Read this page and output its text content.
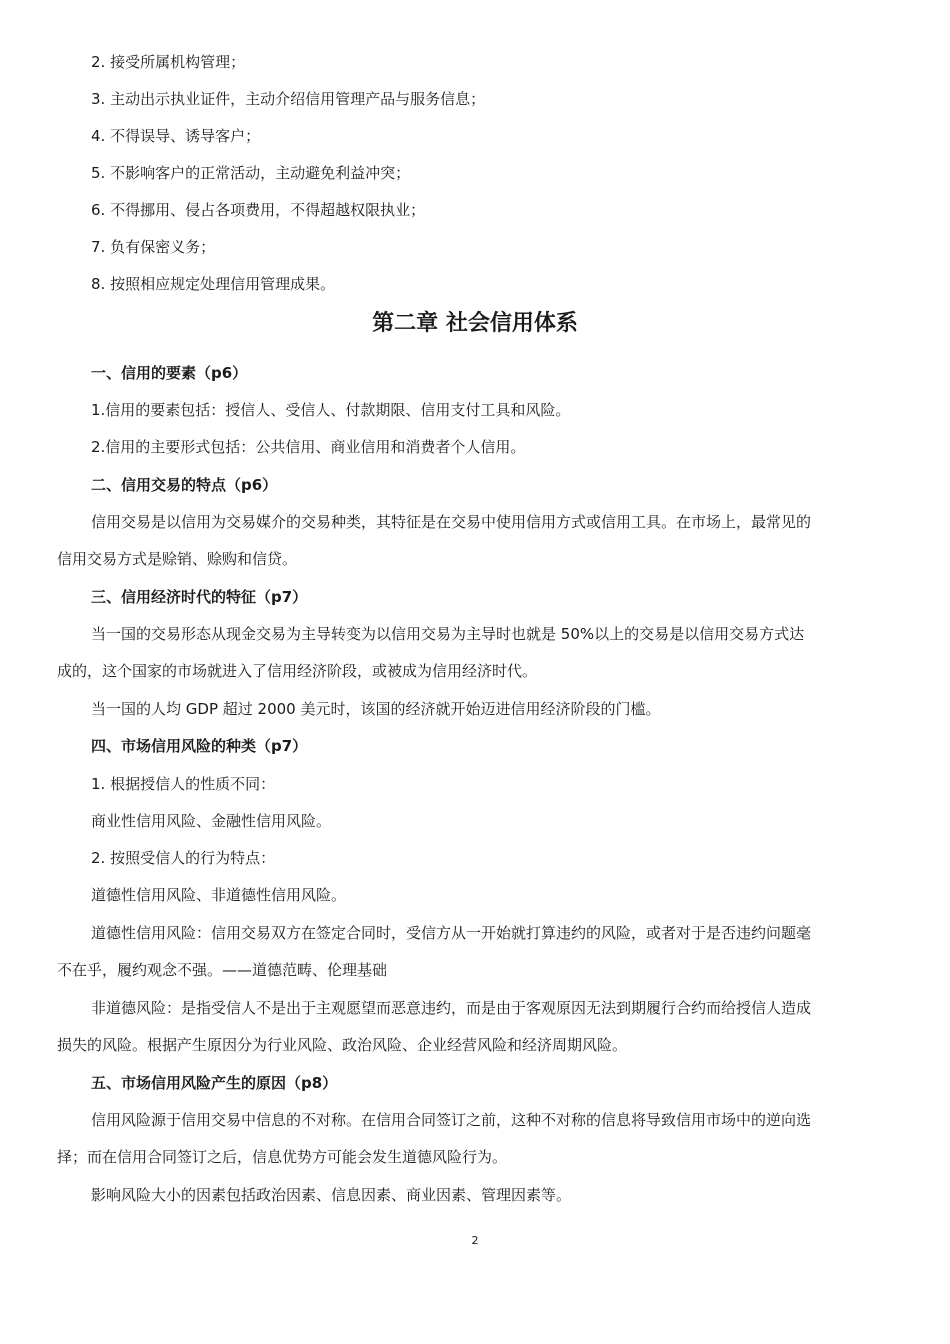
2. 接受所属机构管理；
3. 主动出示执业证件，主动介绍信用管理产品与服务信息；
4. 不得误导、诱导客户；
5. 不影响客户的正常活动，主动避免利益冲突；
6. 不得挪用、侵占各项费用，不得超越权限执业；
7. 负有保密义务；
8. 按照相应规定处理信用管理成果。
第二章 社会信用体系
一、信用的要素（p6）
1.信用的要素包括：授信人、受信人、付款期限、信用支付工具和风险。
2.信用的主要形式包括：公共信用、商业信用和消费者个人信用。
二、信用交易的特点（p6）
信用交易是以信用为交易媒介的交易种类，其特征是在交易中使用信用方式或信用工具。在市场上，最常见的
信用交易方式是赊销、赊购和信贷。
三、信用经济时代的特征（p7）
当一国的交易形态从现金交易为主导转变为以信用交易为主导时也就是 50%以上的交易是以信用交易方式达
成的，这个国家的市场就进入了信用经济阶段，或被成为信用经济时代。
当一国的人均 GDP 超过 2000 美元时，该国的经济就开始迈进信用经济阶段的门槛。
四、市场信用风险的种类（p7）
1. 根据授信人的性质不同：
商业性信用风险、金融性信用风险。
2. 按照受信人的行为特点：
道德性信用风险、非道德性信用风险。
道德性信用风险：信用交易双方在签定合同时，受信方从一开始就打算违约的风险，或者对于是否违约问题毫
不在乎，履约观念不强。——道德范畴、伦理基础
非道德风险：是指受信人不是出于主观愿望而恶意违约，而是由于客观原因无法到期履行合约而给授信人造成
损失的风险。根据产生原因分为行业风险、政治风险、企业经营风险和经济周期风险。
五、市场信用风险产生的原因（p8）
信用风险源于信用交易中信息的不对称。在信用合同签订之前，这种不对称的信息将导致信用市场中的逆向选
择；而在信用合同签订之后，信息优势方可能会发生道德风险行为。
影响风险大小的因素包括政治因素、信息因素、商业因素、管理因素等。
2
